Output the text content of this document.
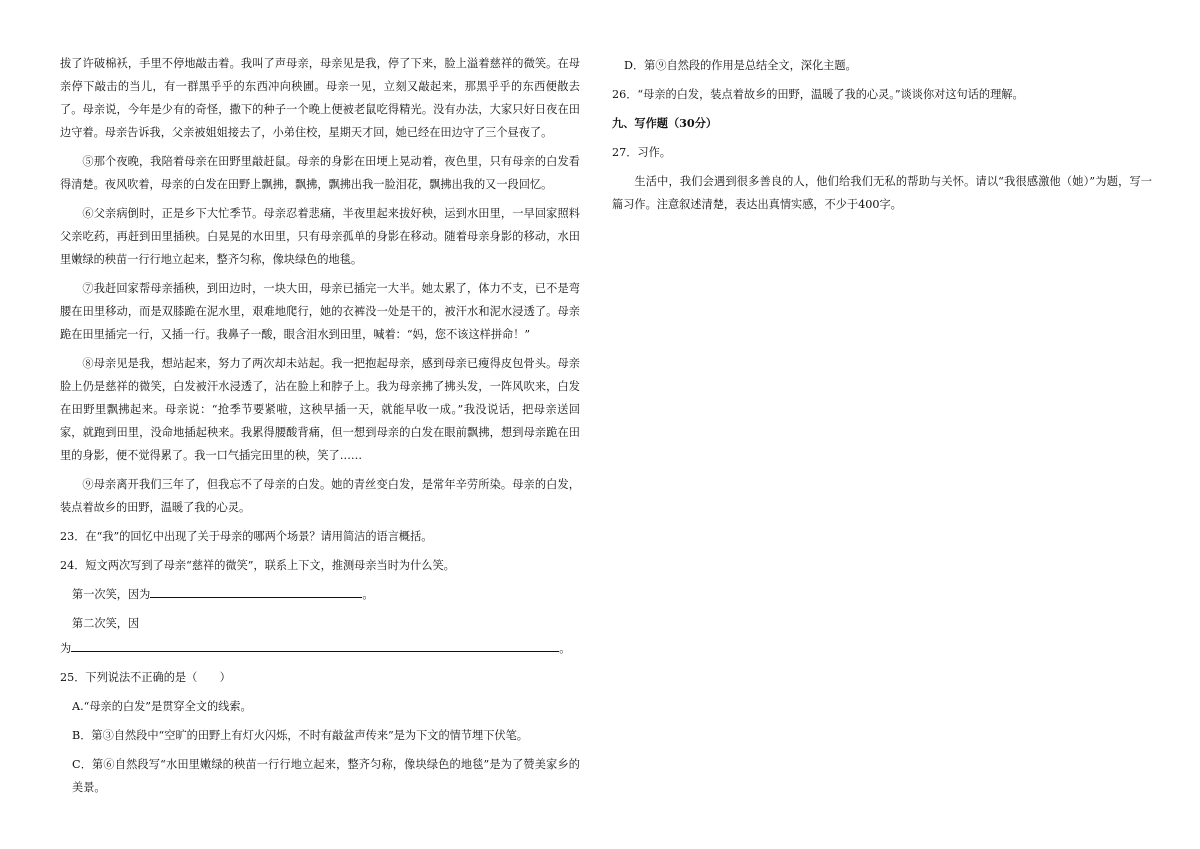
拔了许破棉袄，手里不停地敲击着。我叫了声母亲，母亲见是我，停了下来，脸上溢着慈祥的微笑。在母亲停下敲击的当儿，有一群黑乎乎的东西冲向秧圃。母亲一见，立刻又敲起来，那黑乎乎的东西便散去了。母亲说，今年是少有的奇怪，撒下的种子一个晚上便被老鼠吃得精光。没有办法，大家只好日夜在田边守着。母亲告诉我，父亲被姐姐接去了，小弟住校，星期天才回，她已经在田边守了三个昼夜了。

⑤那个夜晚，我陪着母亲在田野里敲赶鼠。母亲的身影在田埂上晃动着，夜色里，只有母亲的白发看得清楚。夜风吹着，母亲的白发在田野上飘拂，飘拂，飘拂出我一脸泪花，飘拂出我的又一段回忆。

⑥父亲病倒时，正是乡下大忙季节。母亲忍着悲痛，半夜里起来拔好秧，运到水田里，一早回家照料父亲吃药，再赶到田里插秧。白晃晃的水田里，只有母亲孤单的身影在移动。随着母亲身影的移动，水田里嫩绿的秧苗一行行地立起来，整齐匀称，像块绿色的地毯。

⑦我赶回家帮母亲插秧，到田边时，一块大田，母亲已插完一大半。她太累了，体力不支，已不是弯腰在田里移动，而是双膝跪在泥水里，艰难地爬行，她的衣裤没一处是干的，被汗水和泥水浸透了。母亲跪在田里插完一行，又插一行。我鼻子一酸，眼含泪水到田里，喊着：“妈，您不该这样拼命！”

⑧母亲见是我，想站起来，努力了两次却未站起。我一把抱起母亲，感到母亲已瘦得皮包骨头。母亲脸上仍是慈祥的微笑，白发被汗水浸透了，沾在脸上和脖子上。我为母亲拂了拂头发，一阵风吹来，白发在田野里飘拂起来。母亲说：“抢季节要紧啦，这秧早插一天，就能早收一成。”我没说话，把母亲送回家，就跑到田里，没命地插起秧来。我累得腰酸背痛，但一想到母亲的白发在眼前飘拂，想到母亲跪在田里的身影，便不觉得累了。我一口气插完田里的秧，笑了……

⑨母亲离开我们三年了，但我忘不了母亲的白发。她的青丝变白发，是常年辛劳所染。母亲的白发，装点着故乡的田野，温暖了我的心灵。

23．在“我”的回忆中出现了关于母亲的哪两个场景？请用简洁的语言概括。

24．短文两次写到了母亲“慈祥的微笑”，联系上下文，推测母亲当时为什么笑。

第一次笑，因为	。

第二次笑，因

为	。

25．下列说法不正确的是（　　）

A.“母亲的白发”是贯穿全文的线索。

B．第③自然段中“空旷的田野上有灯火闪烁，不时有敲盆声传来”是为下文的情节埋下伏笔。

C．第⑥自然段写“水田里嫩绿的秧苗一行行地立起来，整齐匀称，像块绿色的地毯”是为了赞美家乡的美景。

D．第⑨自然段的作用是总结全文，深化主题。

26．“母亲的白发，装点着故乡的田野，温暖了我的心灵。”谈谈你对这句话的理解。

九、写作题（30分）

27．习作。

生活中，我们会遇到很多善良的人，他们给我们无私的帮助与关怀。请以“我很感激他（她）”为题，写一篇习作。注意叙述清楚，表达出真情实感，不少于400字。
